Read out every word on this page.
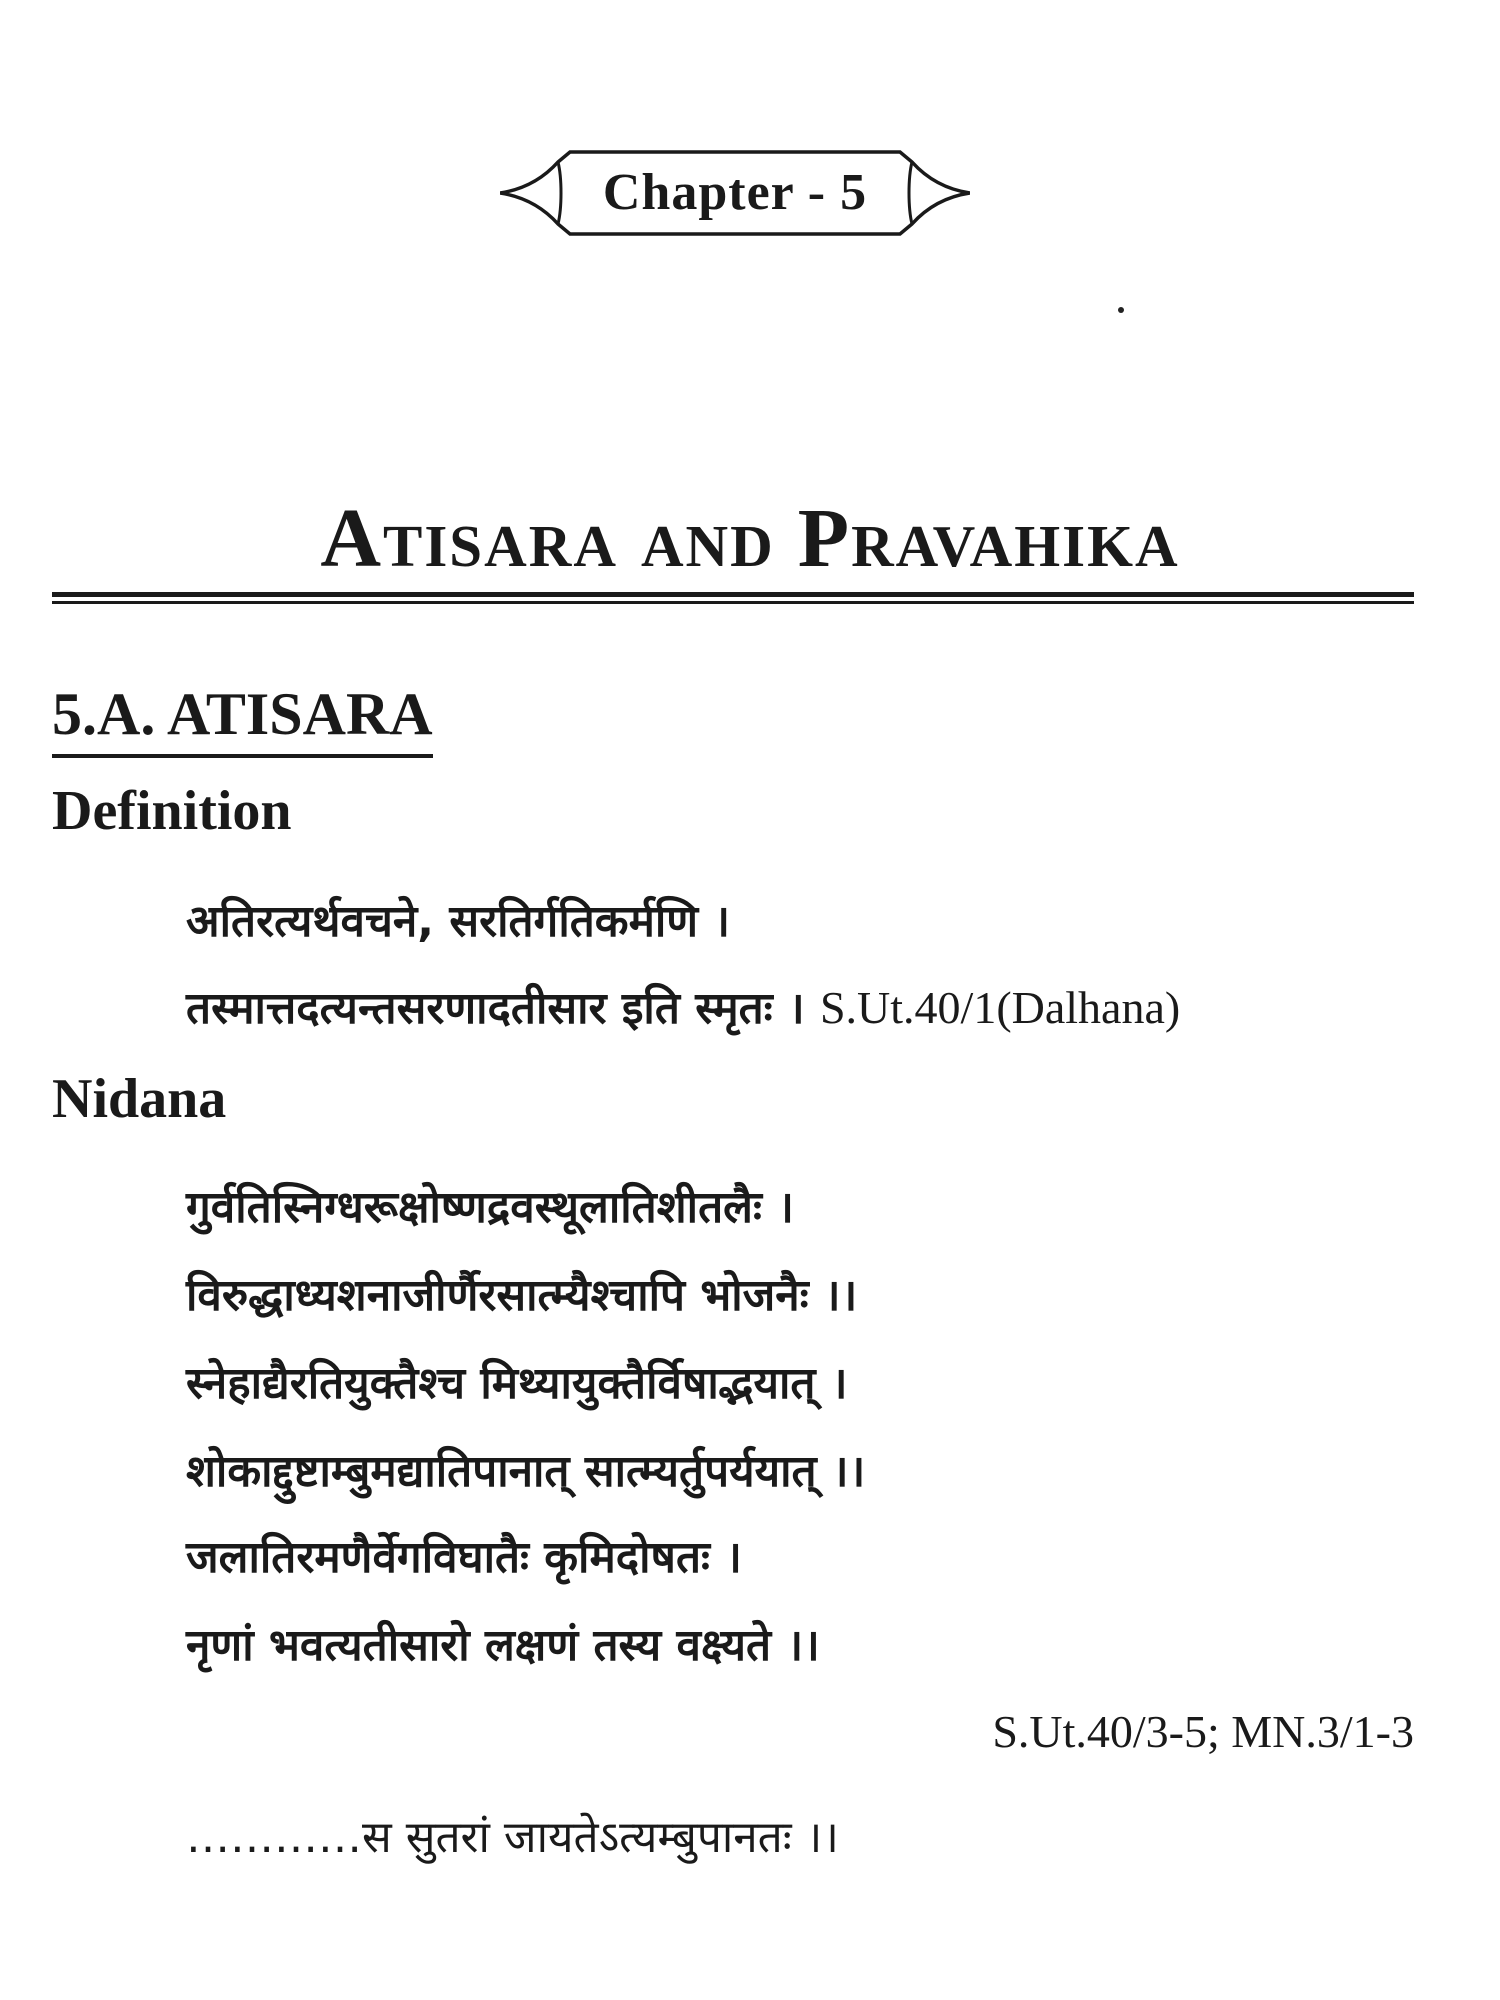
Chapter - 5
Atisara and Pravahika
5.A. ATISARA
Definition
अतिरत्यर्थवचने, सरतिर्गतिकर्मणि ।
तस्मात्तदत्यन्तसरणादतीसार इति स्मृतः । S.Ut.40/1(Dalhana)
Nidana
गुर्वतिस्निग्धरूक्षोष्णद्रवस्थूलातिशीतलैः ।
विरुद्धाध्यशनाजीर्णैरसात्म्यैश्चापि भोजनैः ।।
स्नेहाद्यैरतियुक्तैश्च मिथ्यायुक्तैर्विषाद्भयात् ।
शोकाद्दुष्टाम्बुमद्यातिपानात् सात्म्यर्तुपर्ययात् ।।
जलातिरमणैर्वेगविघातैः कृमिदोषतः ।
नृणां भवत्यतीसारो लक्षणं तस्य वक्ष्यते ।।
S.Ut.40/3-5; MN.3/1-3
…………स सुतरां जायतेऽत्यम्बुपानतः ।।
